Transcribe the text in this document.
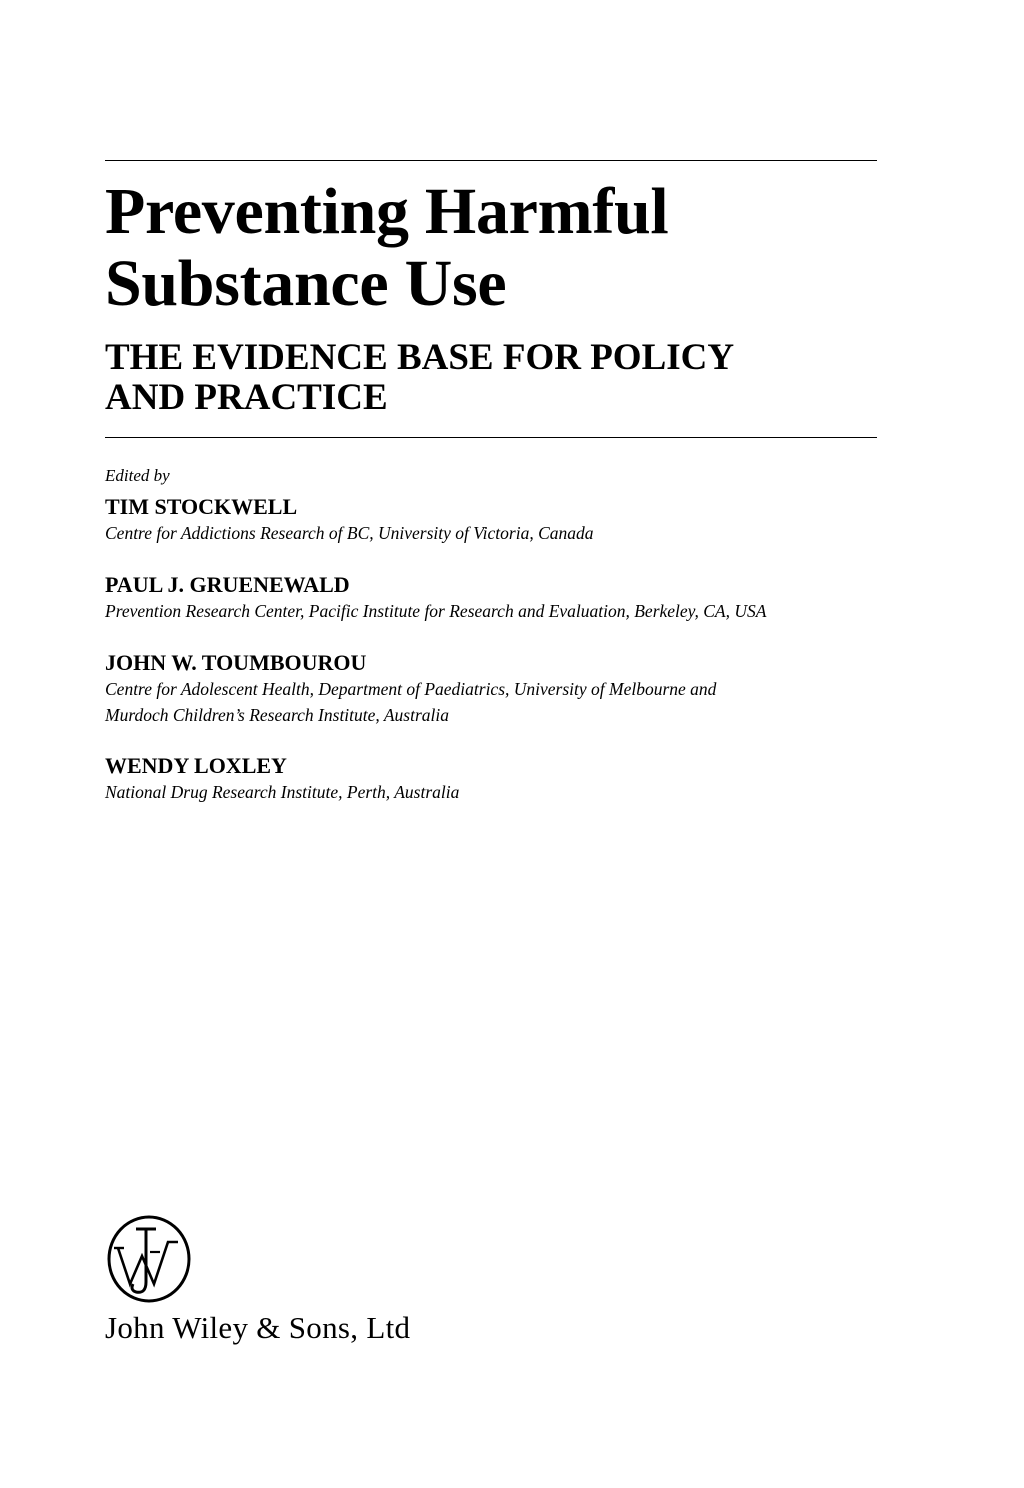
Preventing Harmful
Substance Use
THE EVIDENCE BASE FOR POLICY
AND PRACTICE

Edited by

TIM STOCKWELL
Centre for Addictions Research of BC, University of Victoria, Canada
PAUL J. GRUENEWALD
Prevention Research Center, Pacific Institute for Research and Evaluation, Berkeley, CA, USA
JOHN W. TOUMBOUROU
Centre for Adolescent Health, Department of Paediatrics, University of Melbourne and
Murdoch Children’s Research Institute, Australia
WENDY LOXLEY
National Drug Research Institute, Perth, Australia

John Wiley & Sons, Ltd
